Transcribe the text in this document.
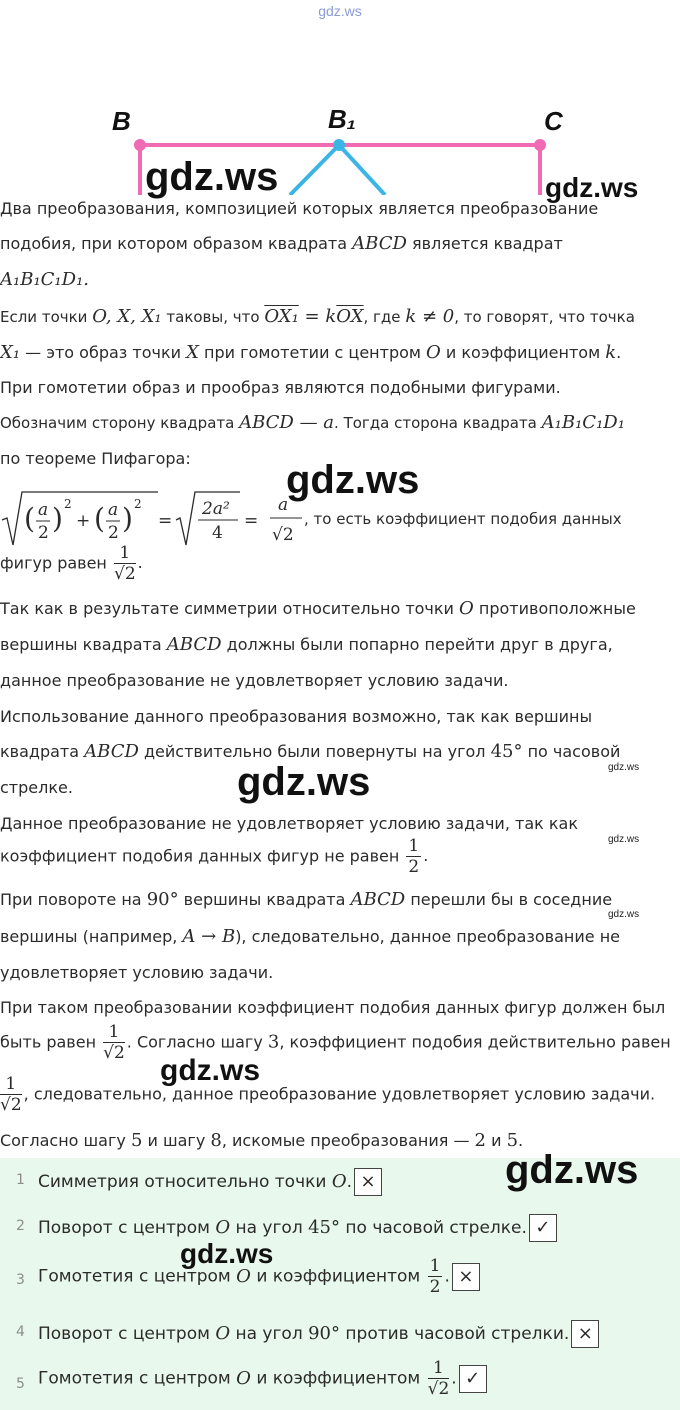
gdz.ws
B	B₁	C
gdz.ws	gdz.ws
Два преобразования, композицией которых является преобразование
подобия, при котором образом квадрата ABCD является квадрат
A₁B₁C₁D₁.
Если точки O, X, X₁ таковы, что $OX_1 = k\overline{OX}$, где k ≠ 0, то говорят, что точка
X₁ — это образ точки X при гомотетии с центром O и коэффициентом k.
При гомотетии образ и прообраз являются подобными фигурами.
Обозначим сторону квадрата ABCD — a. Тогда сторона квадрата A₁B₁C₁D₁
по теореме Пифагора: gdz.ws
( a
2 ) 2
+ ( a
2 ) 2
=
2a²
4
=
a
√2
, то есть коэффициент подобия данных
фигур равен $\frac{1}{√2}$ .
Так как в результате симметрии относительно точки O противоположные
вершины квадрата ABCD должны были попарно перейти друг в друга,
данное преобразование не удовлетворяет условию задачи.
Использование данного преобразования возможно, так как вершины
квадрата ABCD действительно были повернуты на угол 45° по часовой
gdz.ws
стрелке.	gdz.ws
Данное преобразование не удовлетворяет условию задачи, так как
gdz.ws
коэффициент подобия данных фигур не равен $\frac{1}{2}$ .
При повороте на 90° вершины квадрата ABCD перешли бы в соседние
gdz.ws
вершины (например, A → B), следовательно, данное преобразование не
удовлетворяет условию задачи.
При таком преобразовании коэффициент подобия данных фигур должен был
быть равен $\frac{1}{√2}$ . Согласно шагу 3, коэффициент подобия действительно равен
gdz.ws
$\frac{1}{√2}$ , следовательно, данное преобразование удовлетворяет условию задачи.
Согласно шагу 5 и шагу 8, искомые преобразования — 2 и 5.
1 Симметрия относительно точки O. ×
2 Поворот с центром O на угол 45° по часовой стрелке. ✓
gdz.ws
gdz.ws
3 Гомотетия с центром O и коэффициентом $\frac{1}{2}$ . ×
4 Поворот с центром O на угол 90° против часовой стрелки. ×
5 Гомотетия с центром O и коэффициентом $\frac{1}{√2}$ . ✓
